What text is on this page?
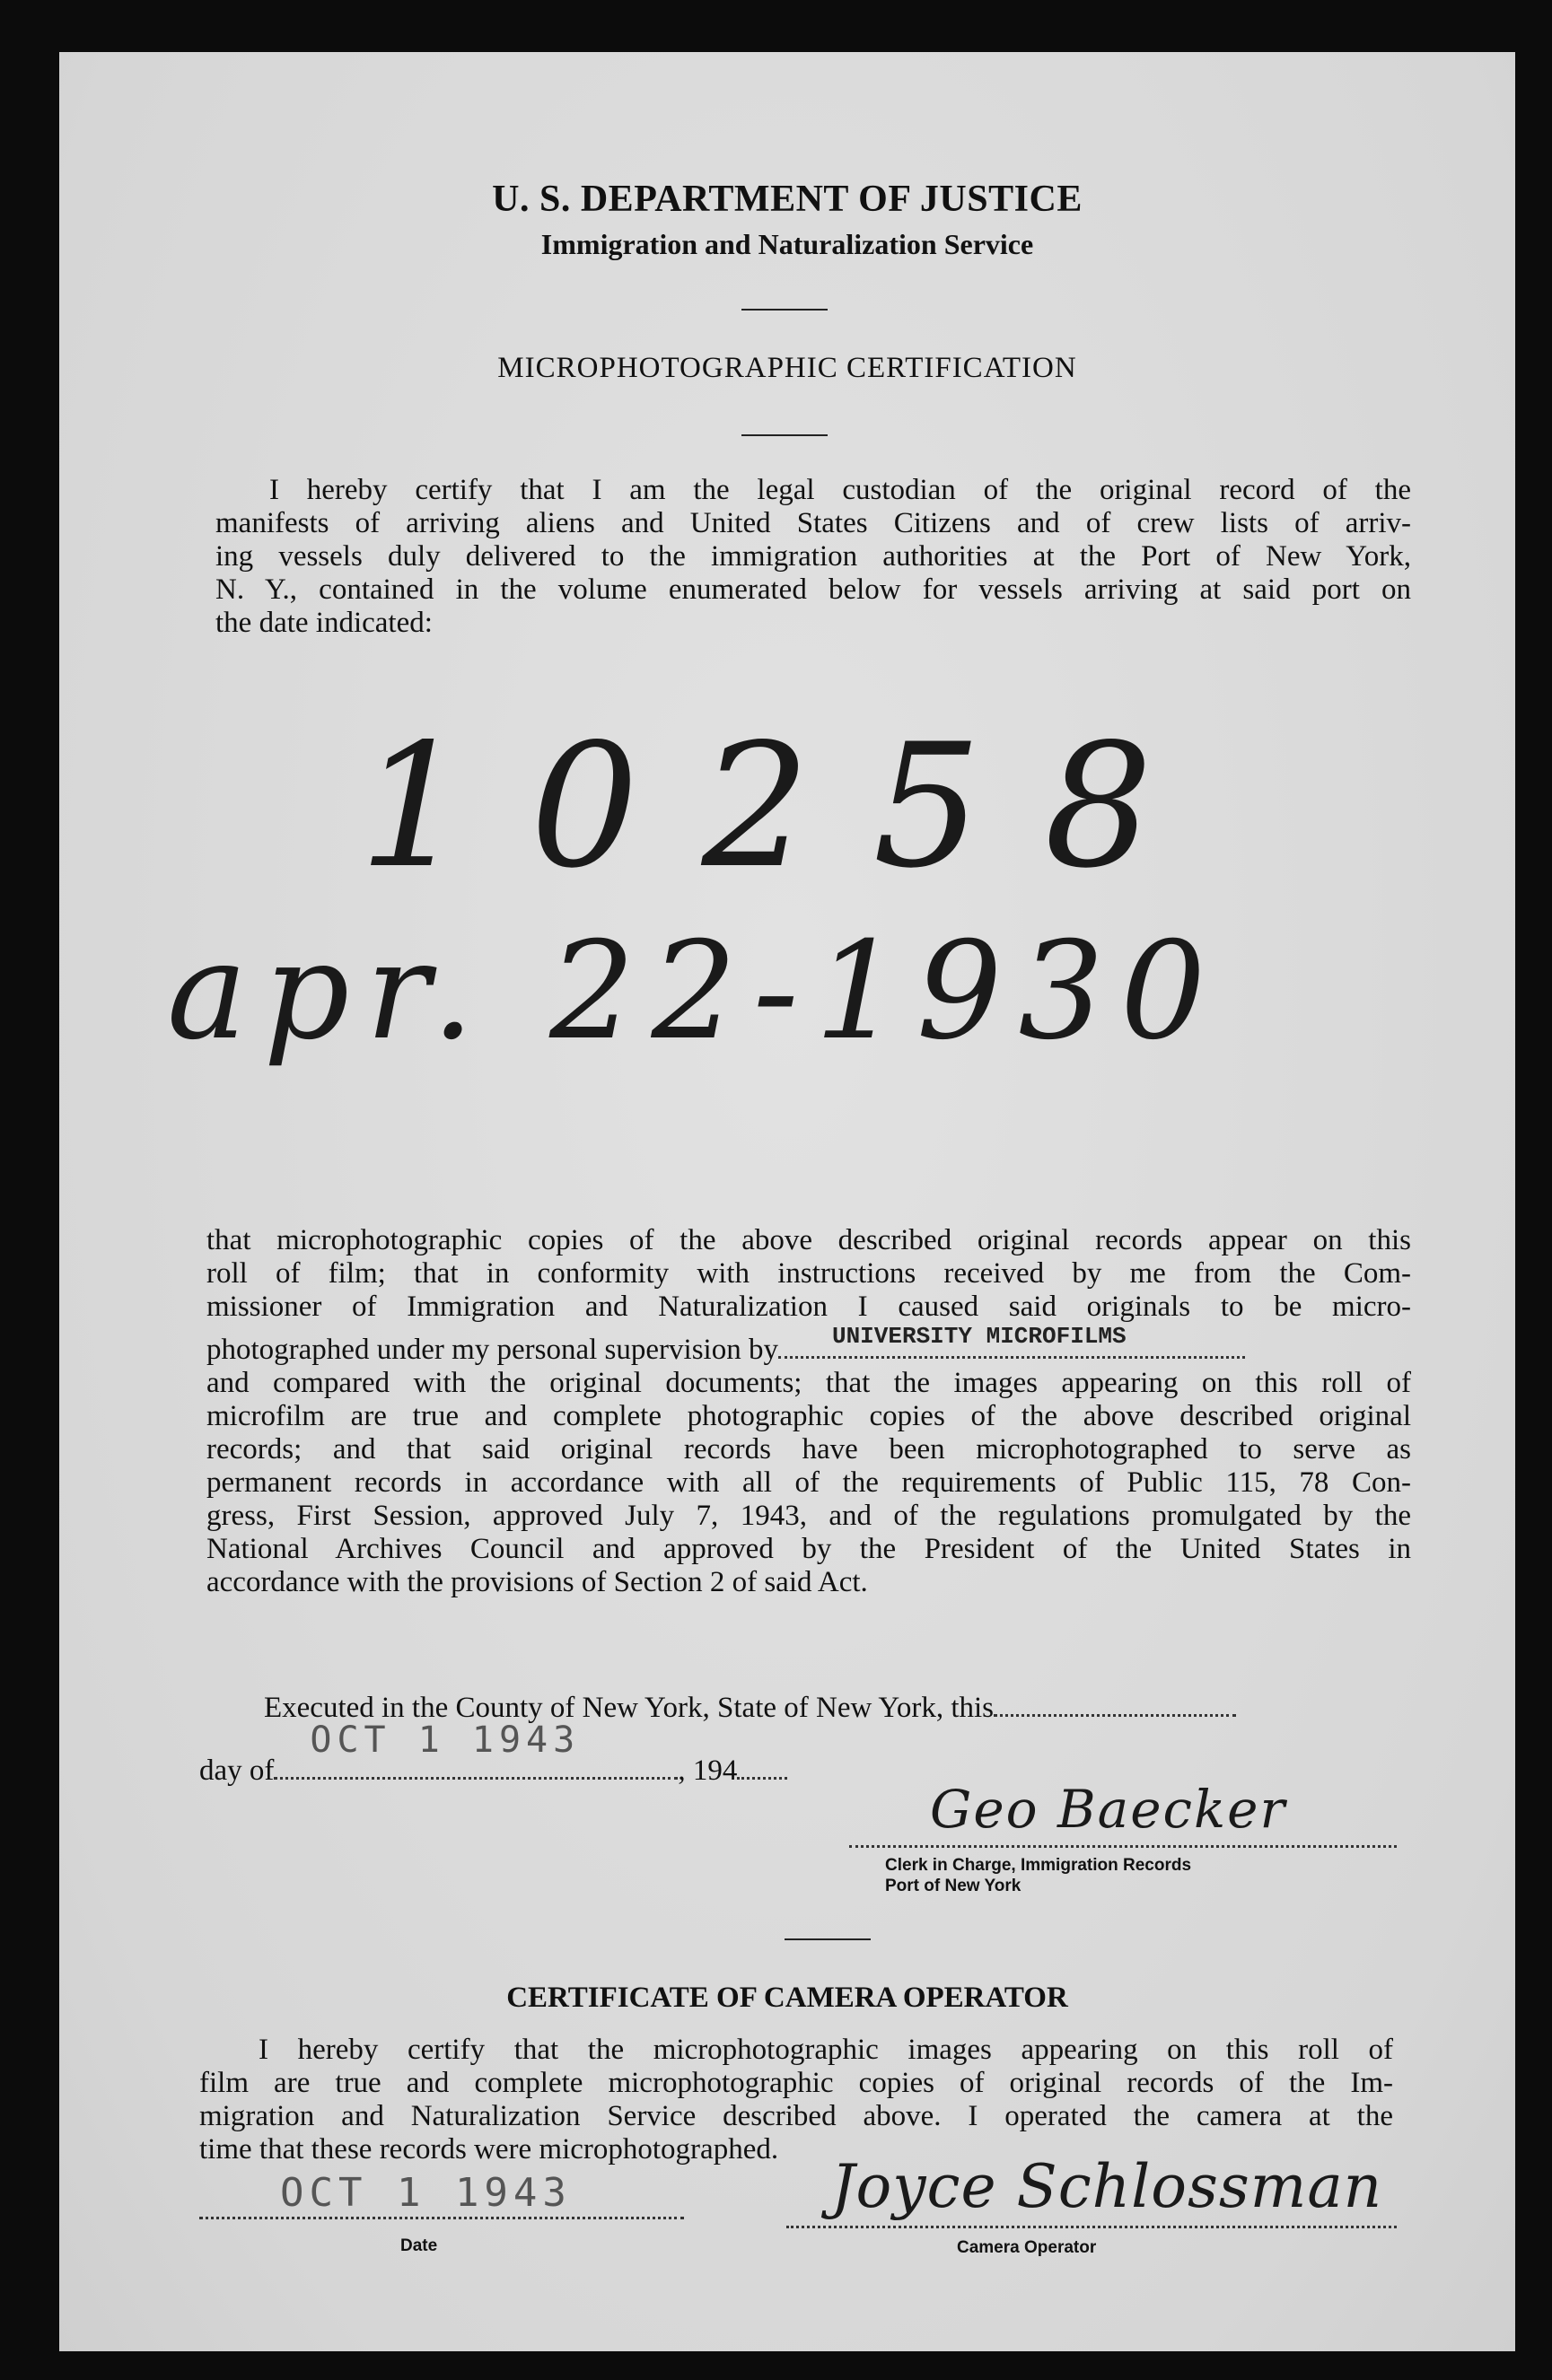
U. S. DEPARTMENT OF JUSTICE
Immigration and Naturalization Service
MICROPHOTOGRAPHIC CERTIFICATION
I hereby certify that I am the legal custodian of the original record of the
manifests of arriving aliens and United States Citizens and of crew lists of arriv-
ing vessels duly delivered to the immigration authorities at the Port of New York,
N. Y., contained in the volume enumerated below for vessels arriving at said port on
the date indicated:
10258
apr. 22-1930
that microphotographic copies of the above described original records appear on this
roll of film; that in conformity with instructions received by me from the Com-
missioner of Immigration and Naturalization I caused said originals to be micro-
photographed under my personal supervision by UNIVERSITY MICROFILMS
and compared with the original documents; that the images appearing on this roll of
microfilm are true and complete photographic copies of the above described original
records; and that said original records have been microphotographed to serve as
permanent records in accordance with all of the requirements of Public 115, 78 Con-
gress, First Session, approved July 7, 1943, and of the regulations promulgated by the
National Archives Council and approved by the President of the United States in
accordance with the provisions of Section 2 of said Act.
Executed in the County of New York, State of New York, this
day of
OCT 1 1943
, 194
Geo Baecker
Clerk in Charge, Immigration Records
Port of New York
CERTIFICATE OF CAMERA OPERATOR
I hereby certify that the microphotographic images appearing on this roll of
film are true and complete microphotographic copies of original records of the Im-
migration and Naturalization Service described above. I operated the camera at the
time that these records were microphotographed.
OCT 1 1943
Date
Joyce Schlossman
Camera Operator
